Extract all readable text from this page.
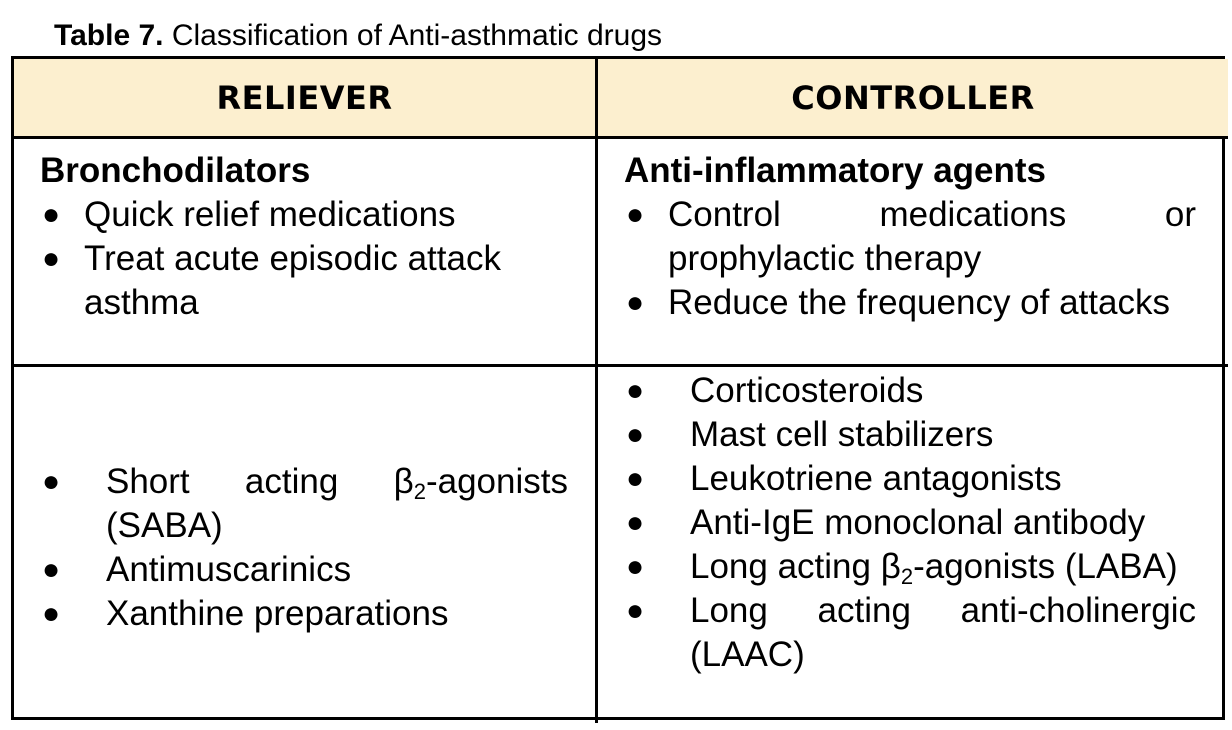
Table 7. Classification of Anti-asthmatic drugs
RELIEVER	CONTROLLER
Bronchodilators
● Quick relief medications
● Treat acute episodic attack asthma
Anti-inflammatory agents
● Control medications or prophylactic therapy
● Reduce the frequency of attacks
● Short acting $\beta_2$-agonists (SABA)
● Antimuscarinics
● Xanthine preparations
● Corticosteroids
● Mast cell stabilizers
● Leukotriene antagonists
● Anti-IgE monoclonal antibody
● Long acting $\beta_2$-agonists (LABA)
● Long acting anti-cholinergic (LAAC)
